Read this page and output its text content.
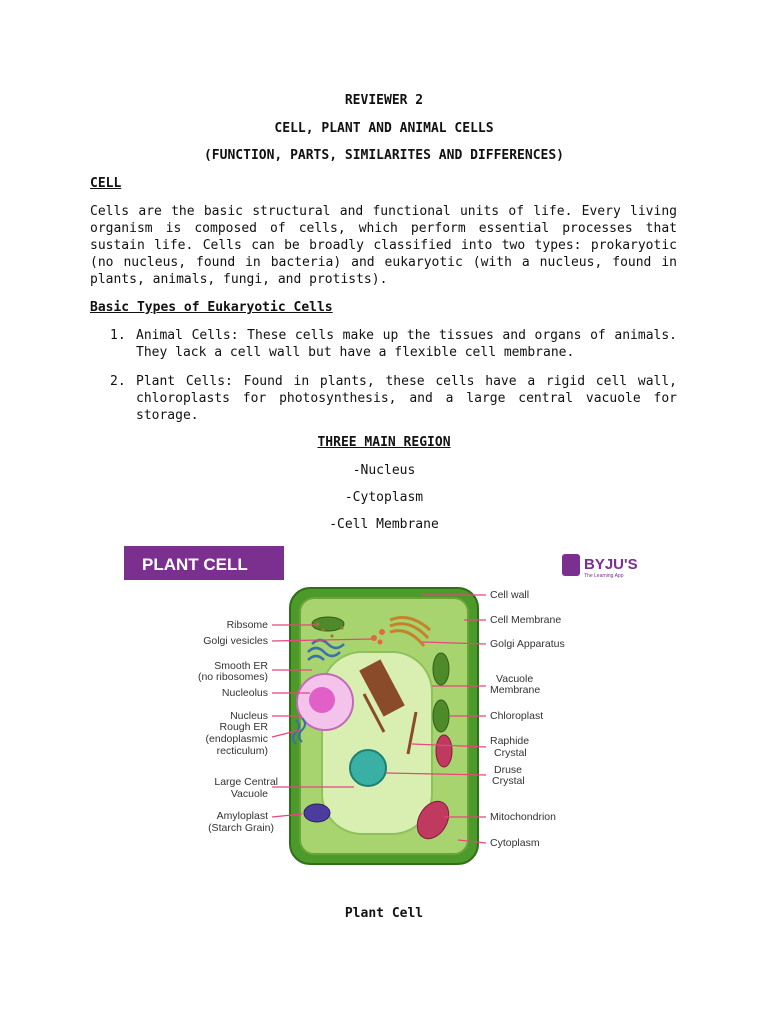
REVIEWER 2
CELL, PLANT AND ANIMAL CELLS
(FUNCTION, PARTS, SIMILARITES AND DIFFERENCES)
CELL
Cells are the basic structural and functional units of life. Every living organism is composed of cells, which perform essential processes that sustain life. Cells can be broadly classified into two types: prokaryotic (no nucleus, found in bacteria) and eukaryotic (with a nucleus, found in plants, animals, fungi, and protists).
Basic Types of Eukaryotic Cells
1. Animal Cells: These cells make up the tissues and organs of animals. They lack a cell wall but have a flexible cell membrane.
2. Plant Cells: Found in plants, these cells have a rigid cell wall, chloroplasts for photosynthesis, and a large central vacuole for storage.
THREE MAIN REGION
-Nucleus
-Cytoplasm
-Cell Membrane
PLANT CELL	BYJU'S
The Learning App
Ribsome
Golgi vesicles
Smooth ER
(no ribosomes)
Nucleolus
Nucleus
Rough ER
(endoplasmic
recticulum)
Large Central
Vacuole
Amyloplast
(Starch Grain)
Cell wall
Cell Membrane
Golgi Apparatus
Vacuole
Membrane
Chloroplast
Raphide
Crystal
Druse
Crystal
Mitochondrion
Cytoplasm
Plant Cell
